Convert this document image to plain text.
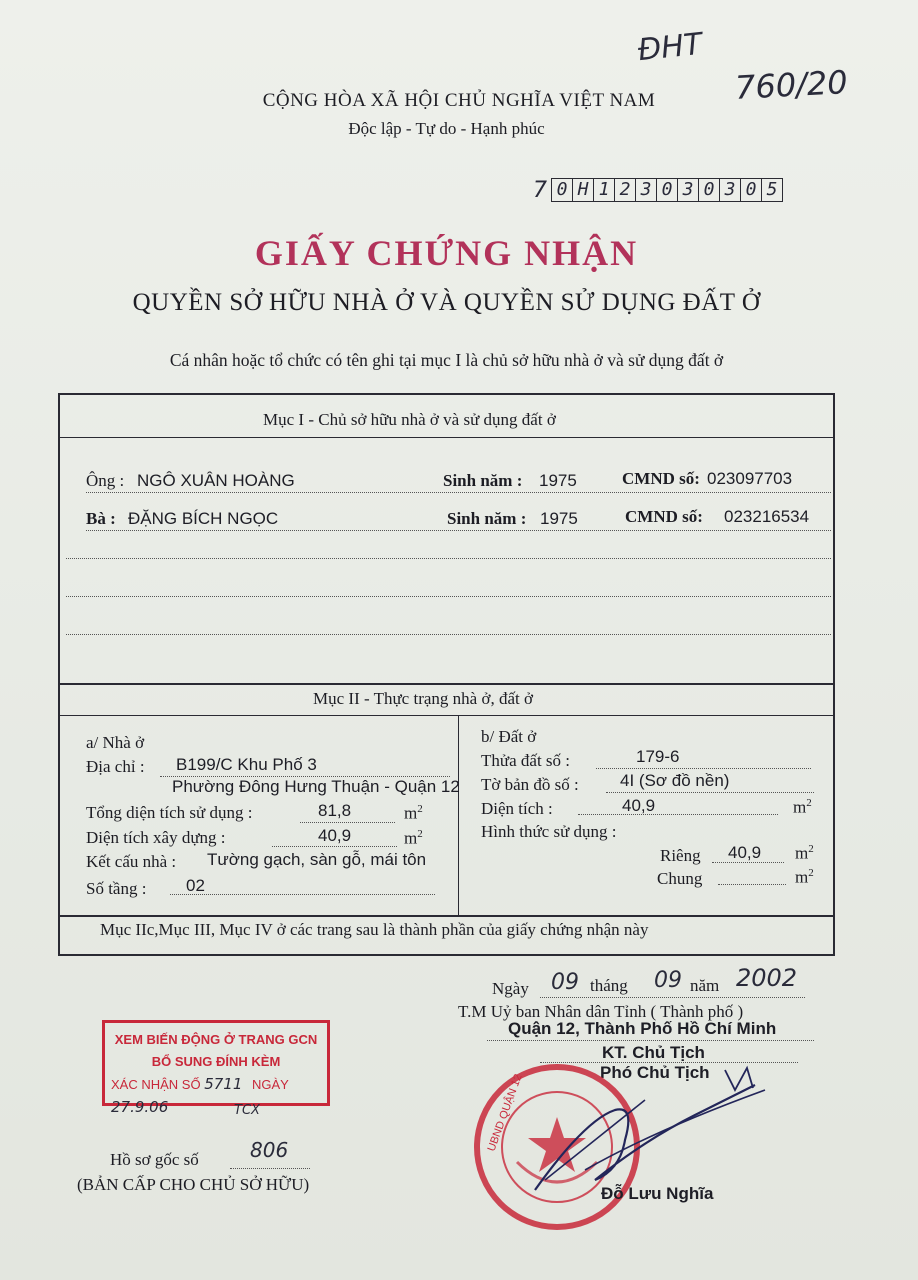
ĐHT
760/20
CỘNG HÒA XÃ HỘI CHỦ NGHĨA VIỆT NAM
Độc lập - Tự do - Hạnh phúc
7 0 H 1 2 3 0 3 0 3 0 5
GIẤY CHỨNG NHẬN
QUYỀN SỞ HỮU NHÀ Ở VÀ QUYỀN SỬ DỤNG ĐẤT Ở
Cá nhân hoặc tổ chức có tên ghi tại mục I là chủ sở hữu nhà ở và sử dụng đất ở
Mục I - Chủ sở hữu nhà ở và sử dụng đất ở
Ông : NGÔ XUÂN HOÀNG	Sinh năm : 1975	CMND số: 023097703
Bà : ĐẶNG BÍCH NGỌC	Sinh năm : 1975	CMND số: 023216534
Mục II - Thực trạng nhà ở, đất ở
a/ Nhà ở
Địa chỉ : B199/C Khu Phố 3
Phường Đông Hưng Thuận - Quận 12
Tổng diện tích sử dụng :	81,8	$m^2$
Diện tích xây dựng :	40,9	$m^2$
Kết cấu nhà : Tường gạch, sàn gỗ, mái tôn
Số tầng : 02
b/ Đất ở
Thửa đất số :	179-6
Tờ bản đồ số : 4I (Sơ đồ nền)
Diện tích :	40,9	$m^2$
Hình thức sử dụng :
Riêng 40,9 $m^2$
Chung	$m^2$
Mục IIc,Mục III, Mục IV ở các trang sau là thành phần của giấy chứng nhận này
Ngày 09 tháng 09 năm 2002
T.M Uỷ ban Nhân dân Tỉnh ( Thành phố )
Quận 12, Thành Phố Hồ Chí Minh
KT. Chủ Tịch
Phó Chủ Tịch
UBND QUẬN 12
Đỗ Lưu Nghĩa
XEM BIẾN ĐỘNG Ở TRANG GCN
BỔ SUNG ĐÍNH KÈM
XÁC NHẬN SỐ 5711 NGÀY 27.9.06	TCX
Hồ sơ gốc số	806
(BẢN CẤP CHO CHỦ SỞ HỮU)
